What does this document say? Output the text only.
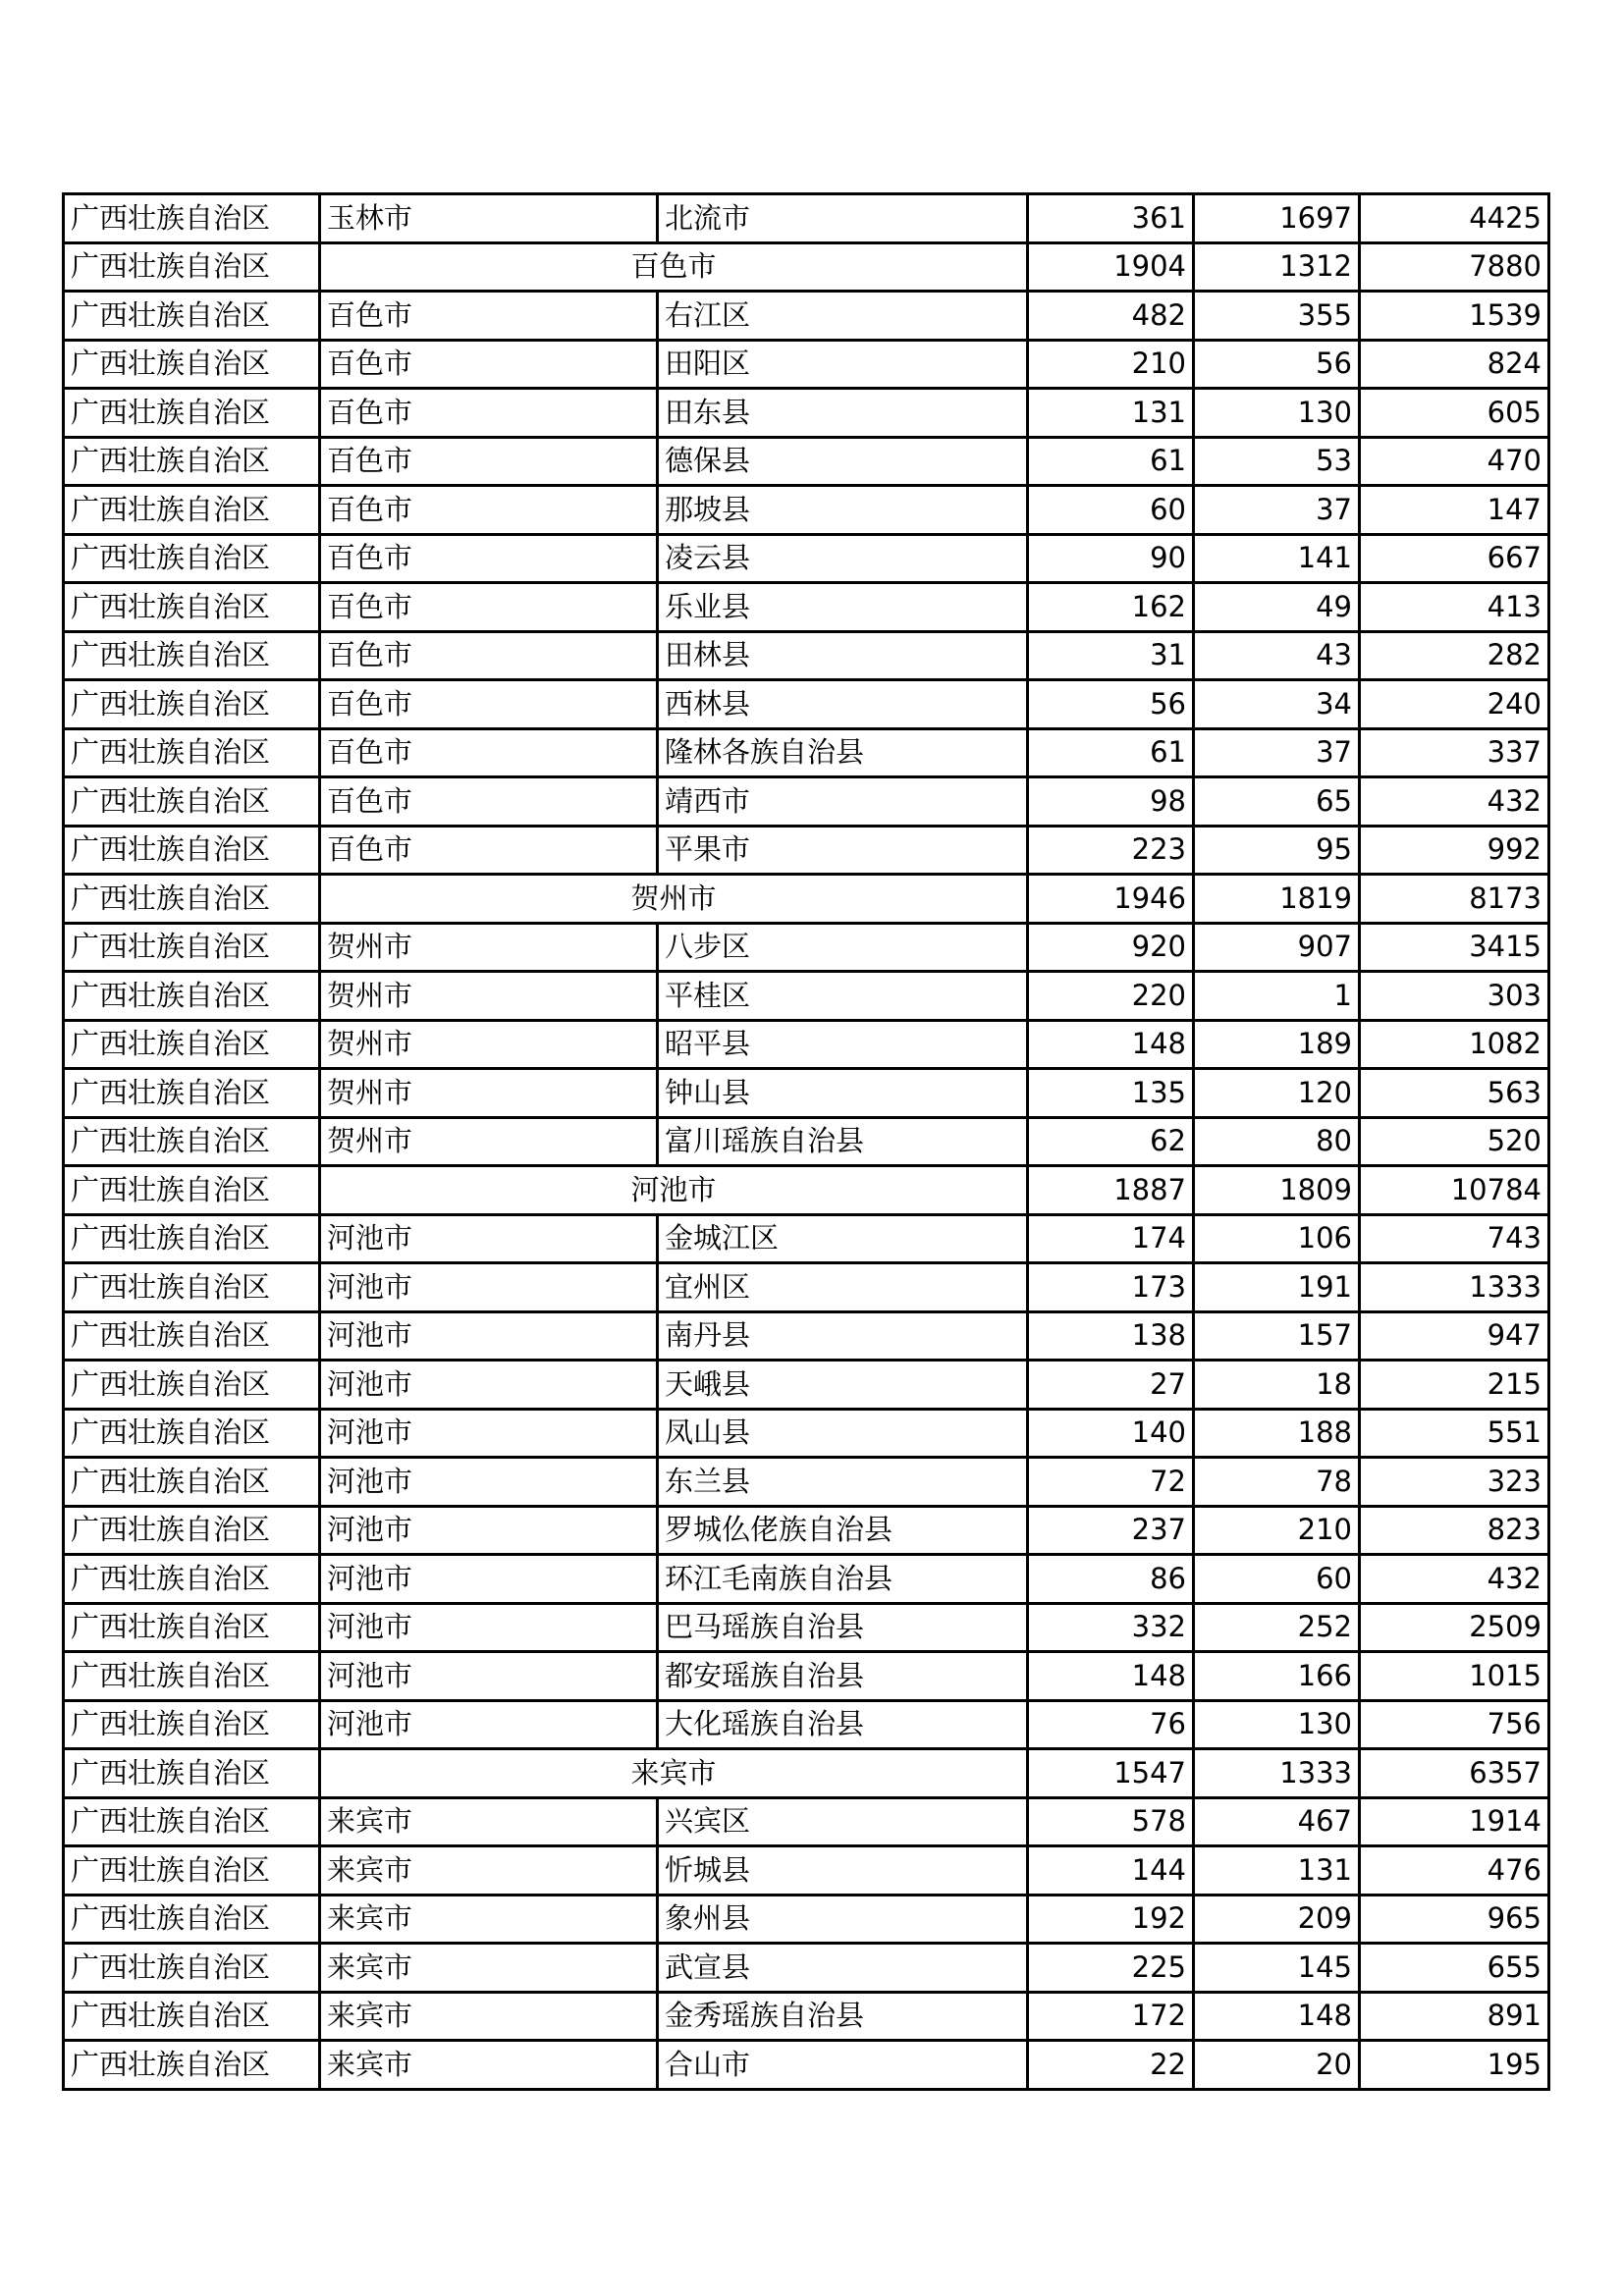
广西壮族自治区	玉林市	北流市	361	1697	4425
广西壮族自治区	百色市		1904	1312	7880
广西壮族自治区	百色市	右江区	482	355	1539
广西壮族自治区	百色市	田阳区	210	56	824
广西壮族自治区	百色市	田东县	131	130	605
广西壮族自治区	百色市	德保县	61	53	470
广西壮族自治区	百色市	那坡县	60	37	147
广西壮族自治区	百色市	凌云县	90	141	667
广西壮族自治区	百色市	乐业县	162	49	413
广西壮族自治区	百色市	田林县	31	43	282
广西壮族自治区	百色市	西林县	56	34	240
广西壮族自治区	百色市	隆林各族自治县	61	37	337
广西壮族自治区	百色市	靖西市	98	65	432
广西壮族自治区	百色市	平果市	223	95	992
广西壮族自治区	贺州市		1946	1819	8173
广西壮族自治区	贺州市	八步区	920	907	3415
广西壮族自治区	贺州市	平桂区	220	1	303
广西壮族自治区	贺州市	昭平县	148	189	1082
广西壮族自治区	贺州市	钟山县	135	120	563
广西壮族自治区	贺州市	富川瑶族自治县	62	80	520
广西壮族自治区	河池市		1887	1809	10784
广西壮族自治区	河池市	金城江区	174	106	743
广西壮族自治区	河池市	宜州区	173	191	1333
广西壮族自治区	河池市	南丹县	138	157	947
广西壮族自治区	河池市	天峨县	27	18	215
广西壮族自治区	河池市	凤山县	140	188	551
广西壮族自治区	河池市	东兰县	72	78	323
广西壮族自治区	河池市	罗城仫佬族自治县	237	210	823
广西壮族自治区	河池市	环江毛南族自治县	86	60	432
广西壮族自治区	河池市	巴马瑶族自治县	332	252	2509
广西壮族自治区	河池市	都安瑶族自治县	148	166	1015
广西壮族自治区	河池市	大化瑶族自治县	76	130	756
广西壮族自治区	来宾市		1547	1333	6357
广西壮族自治区	来宾市	兴宾区	578	467	1914
广西壮族自治区	来宾市	忻城县	144	131	476
广西壮族自治区	来宾市	象州县	192	209	965
广西壮族自治区	来宾市	武宣县	225	145	655
广西壮族自治区	来宾市	金秀瑶族自治县	172	148	891
广西壮族自治区	来宾市	合山市	22	20	195
